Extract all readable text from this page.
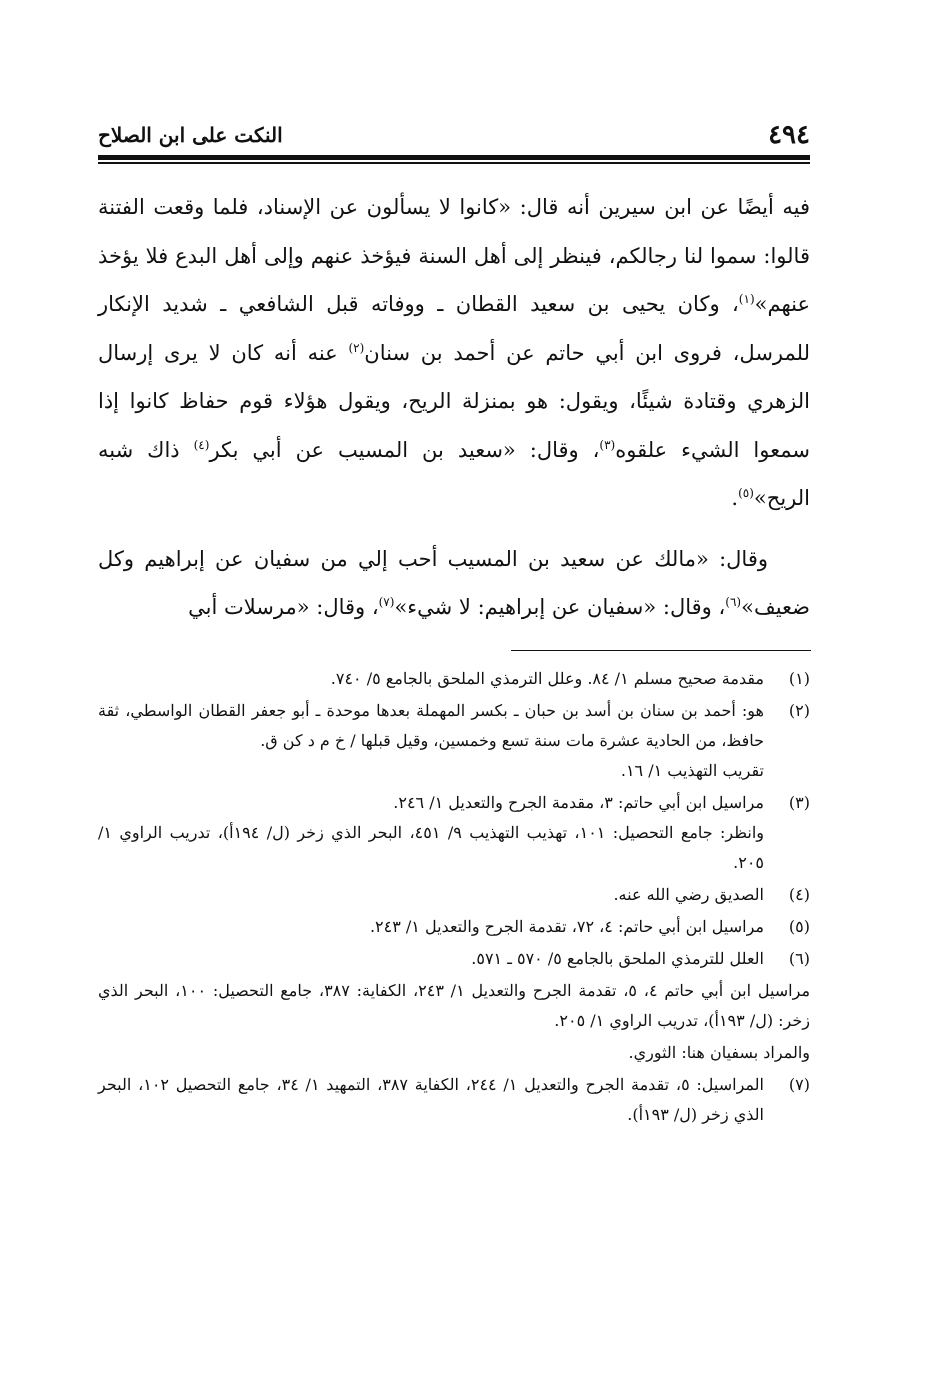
٤٩٤
النكت على ابن الصلاح

فيه أيضًا عن ابن سيرين أنه قال: «كانوا لا يسألون عن الإسناد، فلما وقعت الفتنة قالوا: سموا لنا رجالكم، فينظر إلى أهل السنة فيؤخذ عنهم وإلى أهل البدع فلا يؤخذ عنهم»$^{(١)}$، وكان يحيى بن سعيد القطان ـ ووفاته قبل الشافعي ـ شديد الإنكار للمرسل، فروى ابن أبي حاتم عن أحمد بن سنان$^{(٢)}$ عنه أنه كان لا يرى إرسال الزهري وقتادة شيئًا، ويقول: هو بمنزلة الريح، ويقول هؤلاء قوم حفاظ كانوا إذا سمعوا الشيء علقوه$^{(٣)}$، وقال: «سعيد بن المسيب عن أبي بكر$^{(٤)}$ ذاك شبه الريح»$^{(٥)}$.

وقال: «مالك عن سعيد بن المسيب أحب إلي من سفيان عن إبراهيم وكل ضعيف»$^{(٦)}$، وقال: «سفيان عن إبراهيم: لا شيء»$^{(٧)}$، وقال: «مرسلات أبي

(١)
مقدمة صحيح مسلم ١/ ٨٤. وعلل الترمذي الملحق بالجامع ٥/ ٧٤٠.
(٢)
هو: أحمد بن سنان بن أسد بن حبان ـ بكسر المهملة بعدها موحدة ـ أبو جعفر القطان الواسطي، ثقة حافظ، من الحادية عشرة مات سنة تسع وخمسين، وقيل قبلها / خ م د كن ق.
تقريب التهذيب ١/ ١٦.
(٣)
مراسيل ابن أبي حاتم: ٣، مقدمة الجرح والتعديل ١/ ٢٤٦.
وانظر: جامع التحصيل: ١٠١، تهذيب التهذيب ٩/ ٤٥١، البحر الذي زخر (ل/ ١٩٤أ)، تدريب الراوي ١/ ٢٠٥.
(٤)
الصديق رضي الله عنه.
(٥)
مراسيل ابن أبي حاتم: ٤، ٧٢، تقدمة الجرح والتعديل ١/ ٢٤٣.
(٦)
العلل للترمذي الملحق بالجامع ٥/ ٥٧٠ ـ ٥٧١.
مراسيل ابن أبي حاتم ٤، ٥، تقدمة الجرح والتعديل ١/ ٢٤٣، الكفاية: ٣٨٧، جامع التحصيل: ١٠٠، البحر الذي زخر: (ل/ ١٩٣أ)، تدريب الراوي ١/ ٢٠٥.
والمراد بسفيان هنا: الثوري.
(٧)
المراسيل: ٥، تقدمة الجرح والتعديل ١/ ٢٤٤، الكفاية ٣٨٧، التمهيد ١/ ٣٤، جامع التحصيل ١٠٢، البحر الذي زخر (ل/ ١٩٣أ).
